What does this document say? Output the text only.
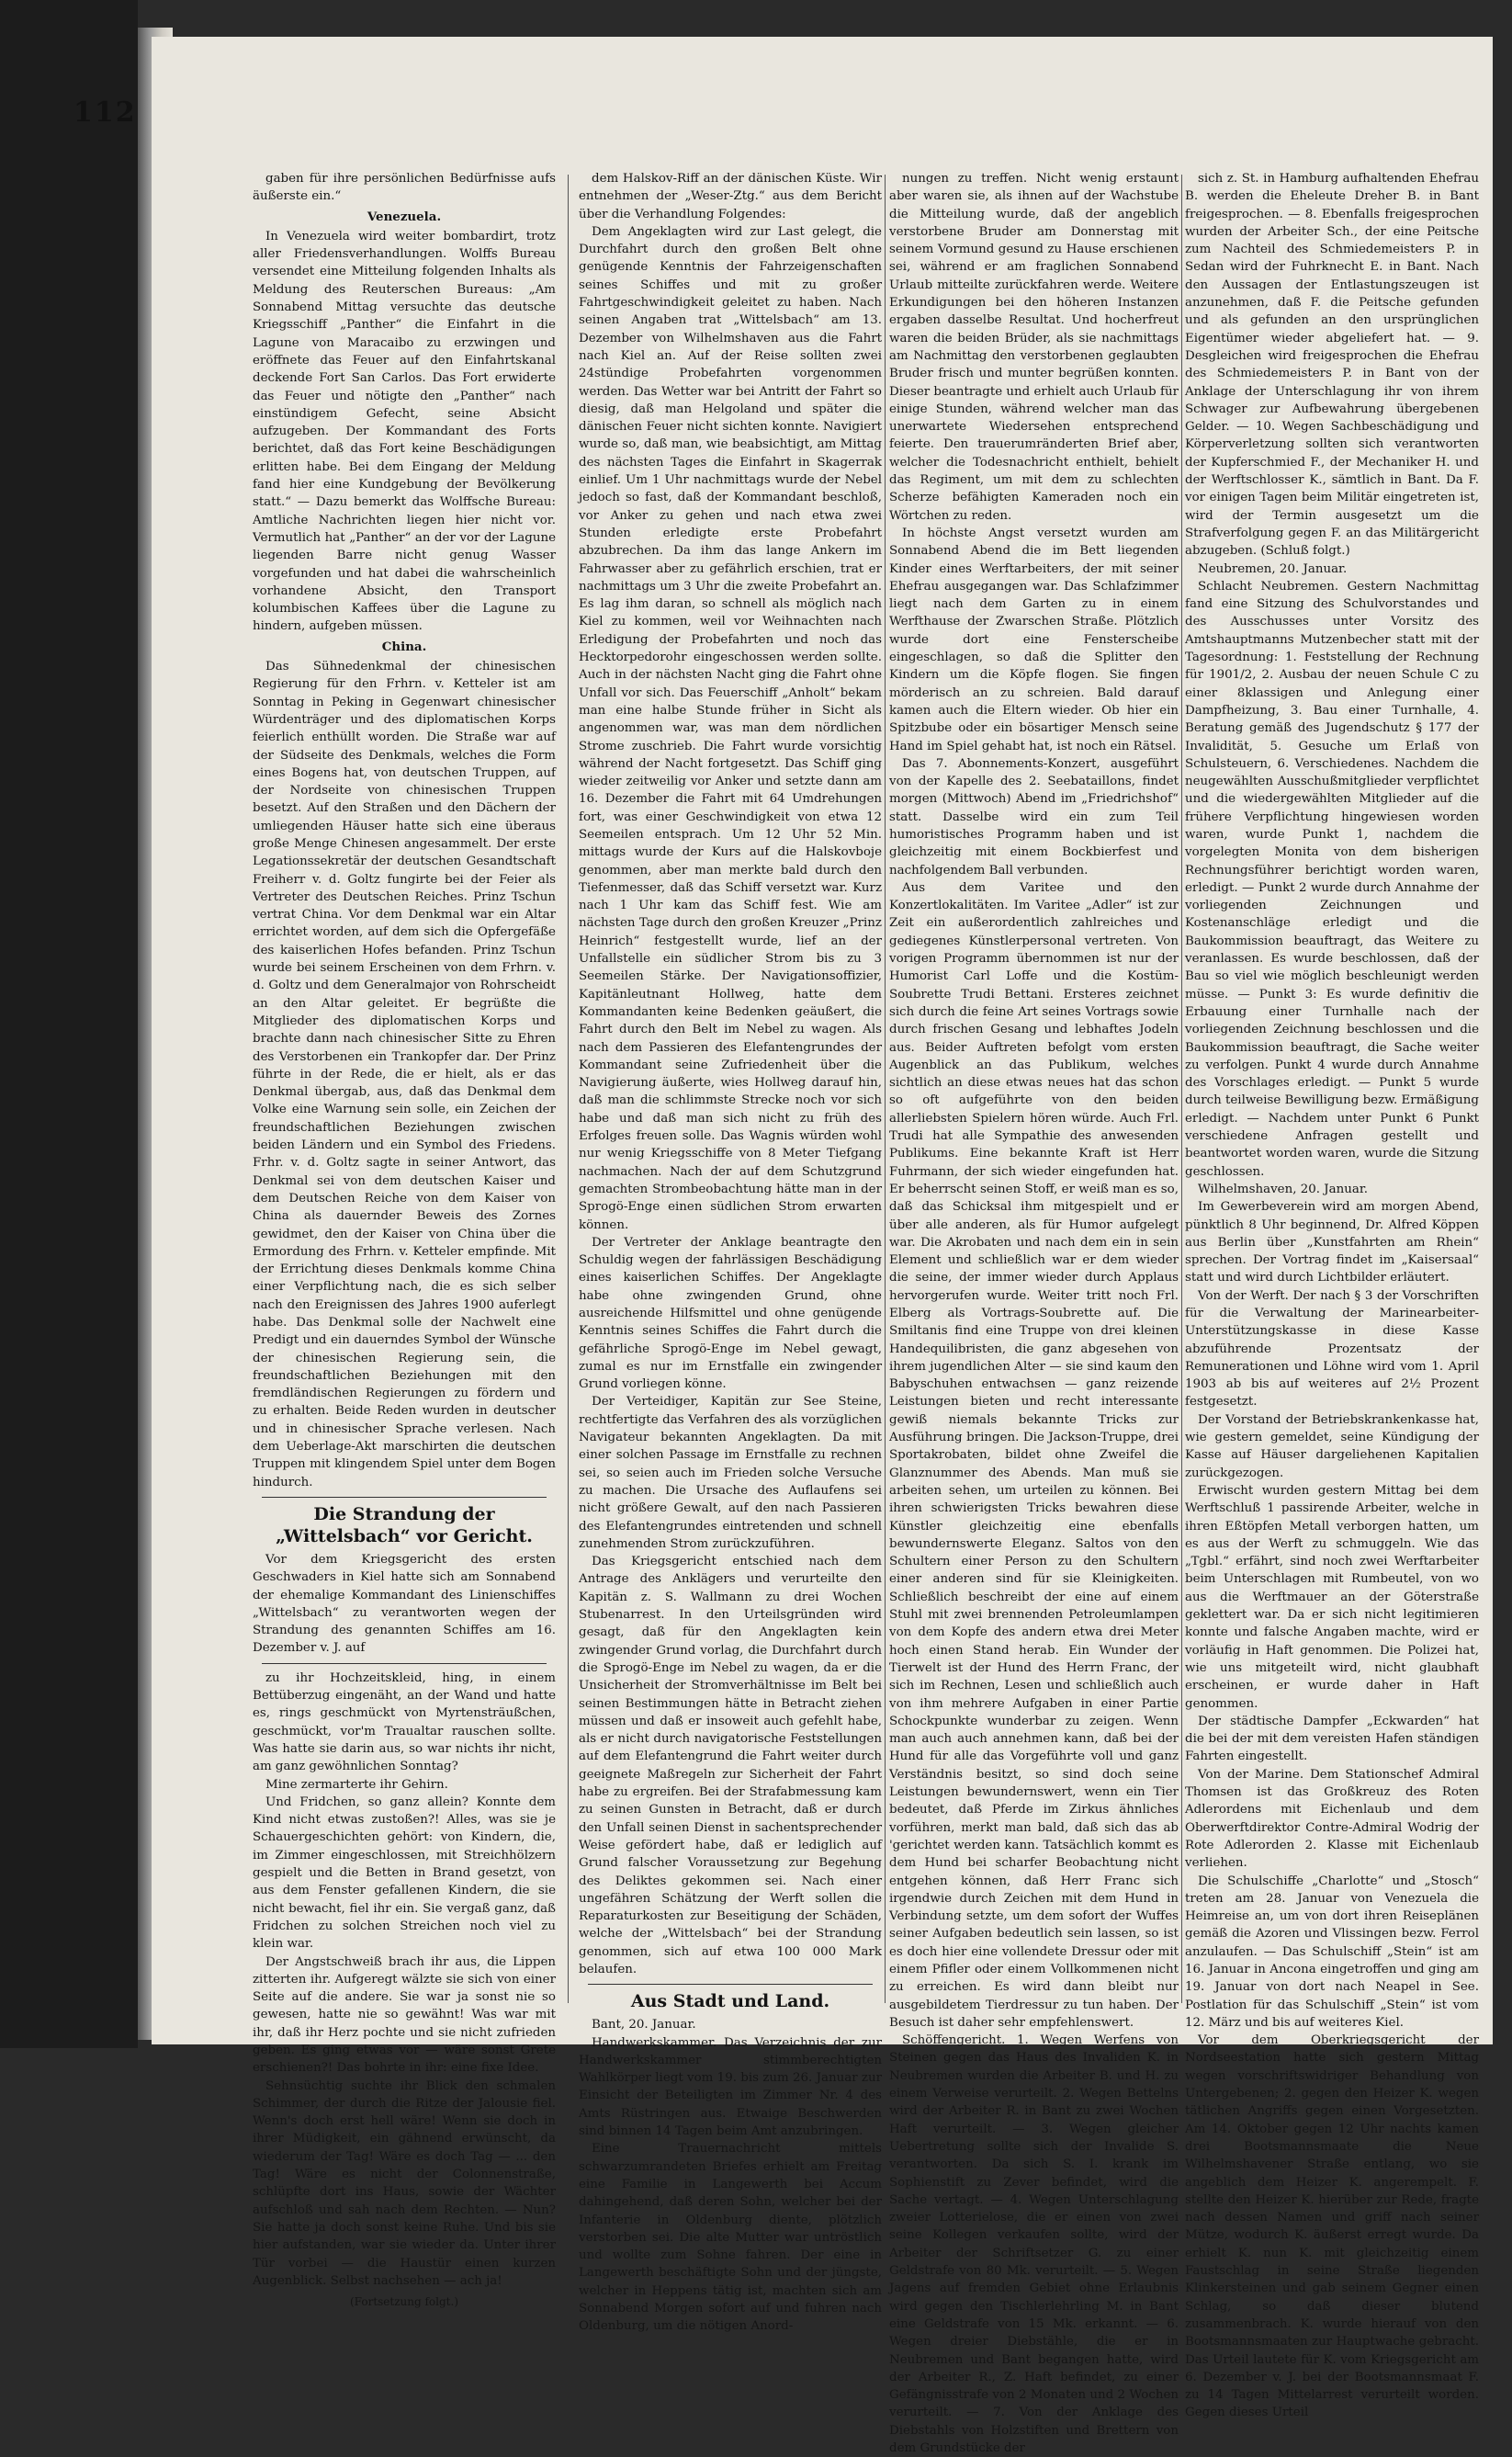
112

gaben für ihre persönlichen Bedürfnisse aufs äußerste ein.“

Venezuela.

In Venezuela wird weiter bombardirt, trotz aller Friedensverhandlungen. Wolffs Bureau versendet eine Mitteilung folgenden Inhalts als Meldung des Reuterschen Bureaus: „Am Sonnabend Mittag versuchte das deutsche Kriegsschiff „Panther“ die Einfahrt in die Lagune von Maracaibo zu erzwingen und eröffnete das Feuer auf den Einfahrtskanal deckende Fort San Carlos. Das Fort erwiderte das Feuer und nötigte den „Panther“ nach einstündigem Gefecht, seine Absicht aufzugeben. Der Kommandant des Forts berichtet, daß das Fort keine Beschädigungen erlitten habe. Bei dem Eingang der Meldung fand hier eine Kundgebung der Bevölkerung statt.“ — Dazu bemerkt das Wolffsche Bureau: Amtliche Nachrichten liegen hier nicht vor. Vermutlich hat „Panther“ an der vor der Lagune liegenden Barre nicht genug Wasser vorgefunden und hat dabei die wahrscheinlich vorhandene Absicht, den Transport kolumbischen Kaffees über die Lagune zu hindern, aufgeben müssen.

China.

Das Sühnedenkmal der chinesischen Regierung für den Frhrn. v. Ketteler ist am Sonntag in Peking in Gegenwart chinesischer Würdenträger und des diplomatischen Korps feierlich enthüllt worden. Die Straße war auf der Südseite des Denkmals, welches die Form eines Bogens hat, von deutschen Truppen, auf der Nordseite von chinesischen Truppen besetzt. Auf den Straßen und den Dächern der umliegenden Häuser hatte sich eine überaus große Menge Chinesen angesammelt. Der erste Legationssekretär der deutschen Gesandtschaft Freiherr v. d. Goltz fungirte bei der Feier als Vertreter des Deutschen Reiches. Prinz Tschun vertrat China. Vor dem Denkmal war ein Altar errichtet worden, auf dem sich die Opfergefäße des kaiserlichen Hofes befanden. Prinz Tschun wurde bei seinem Erscheinen von dem Frhrn. v. d. Goltz und dem Generalmajor von Rohrscheidt an den Altar geleitet. Er begrüßte die Mitglieder des diplomatischen Korps und brachte dann nach chinesischer Sitte zu Ehren des Verstorbenen ein Trankopfer dar. Der Prinz führte in der Rede, die er hielt, als er das Denkmal übergab, aus, daß das Denkmal dem Volke eine Warnung sein solle, ein Zeichen der freundschaftlichen Beziehungen zwischen beiden Ländern und ein Symbol des Friedens. Frhr. v. d. Goltz sagte in seiner Antwort, das Denkmal sei von dem deutschen Kaiser und dem Deutschen Reiche von dem Kaiser von China als dauernder Beweis des Zornes gewidmet, den der Kaiser von China über die Ermordung des Frhrn. v. Ketteler empfinde. Mit der Errichtung dieses Denkmals komme China einer Verpflichtung nach, die es sich selber nach den Ereignissen des Jahres 1900 auferlegt habe. Das Denkmal solle der Nachwelt eine Predigt und ein dauerndes Symbol der Wünsche der chinesischen Regierung sein, die freundschaftlichen Beziehungen mit den fremdländischen Regierungen zu fördern und zu erhalten. Beide Reden wurden in deutscher und in chinesischer Sprache verlesen. Nach dem Ueberlage-Akt marschirten die deutschen Truppen mit klingendem Spiel unter dem Bogen hindurch.

Die Strandung der „Wittelsbach“ vor Gericht.

Vor dem Kriegsgericht des ersten Geschwaders in Kiel hatte sich am Sonnabend der ehemalige Kommandant des Linienschiffes „Wittelsbach“ zu verantworten wegen der Strandung des genannten Schiffes am 16. Dezember v. J. auf

zu ihr Hochzeitskleid, hing, in einem Bettüberzug eingenäht, an der Wand und hatte es, rings geschmückt von Myrtensträußchen, geschmückt, vor'm Traualtar rauschen sollte. Was hatte sie darin aus, so war nichts ihr nicht, am ganz gewöhnlichen Sonntag?

Mine zermarterte ihr Gehirn.

Und Fridchen, so ganz allein? Konnte dem Kind nicht etwas zustoßen?! Alles, was sie je Schauergeschichten gehört: von Kindern, die, im Zimmer eingeschlossen, mit Streichhölzern gespielt und die Betten in Brand gesetzt, von aus dem Fenster gefallenen Kindern, die sie nicht bewacht, fiel ihr ein. Sie vergaß ganz, daß Fridchen zu solchen Streichen noch viel zu klein war.

Der Angstschweiß brach ihr aus, die Lippen zitterten ihr. Aufgeregt wälzte sie sich von einer Seite auf die andere. Sie war ja sonst nie so gewesen, hatte nie so gewähnt! Was war mit ihr, daß ihr Herz pochte und sie nicht zufrieden geben. Es ging etwas vor — wäre sonst Grete erschienen?! Das bohrte in ihr: eine fixe Idee.

Sehnsüchtig suchte ihr Blick den schmalen Schimmer, der durch die Ritze der Jalousie fiel. Wenn's doch erst hell wäre! Wenn sie doch in ihrer Müdigkeit, ein gähnend erwünscht, da wiederum der Tag! Wäre es doch Tag — ... den Tag! Wäre es nicht der Colonnenstraße, schlüpfte dort ins Haus, sowie der Wächter aufschloß und sah nach dem Rechten. — Nun? Sie hatte ja doch sonst keine Ruhe. Und bis sie hier aufstanden, war sie wieder da. Unter ihrer Tür vorbei — die Haustür einen kurzen Augenblick. Selbst nachsehen — ach ja!

(Fortsetzung folgt.)

dem Halskov-Riff an der dänischen Küste. Wir entnehmen der „Weser-Ztg.“ aus dem Bericht über die Verhandlung Folgendes:

Dem Angeklagten wird zur Last gelegt, die Durchfahrt durch den großen Belt ohne genügende Kenntnis der Fahrzeigenschaften seines Schiffes und mit zu großer Fahrtgeschwindigkeit geleitet zu haben. Nach seinen Angaben trat „Wittelsbach“ am 13. Dezember von Wilhelmshaven aus die Fahrt nach Kiel an. Auf der Reise sollten zwei 24stündige Probefahrten vorgenommen werden. Das Wetter war bei Antritt der Fahrt so diesig, daß man Helgoland und später die dänischen Feuer nicht sichten konnte. Navigiert wurde so, daß man, wie beabsichtigt, am Mittag des nächsten Tages die Einfahrt in Skagerrak einlief. Um 1 Uhr nachmittags wurde der Nebel jedoch so fast, daß der Kommandant beschloß, vor Anker zu gehen und nach etwa zwei Stunden erledigte erste Probefahrt abzubrechen. Da ihm das lange Ankern im Fahrwasser aber zu gefährlich erschien, trat er nachmittags um 3 Uhr die zweite Probefahrt an. Es lag ihm daran, so schnell als möglich nach Kiel zu kommen, weil vor Weihnachten nach Erledigung der Probefahrten und noch das Hecktorpedorohr eingeschossen werden sollte. Auch in der nächsten Nacht ging die Fahrt ohne Unfall vor sich. Das Feuerschiff „Anholt“ bekam man eine halbe Stunde früher in Sicht als angenommen war, was man dem nördlichen Strome zuschrieb. Die Fahrt wurde vorsichtig während der Nacht fortgesetzt. Das Schiff ging wieder zeitweilig vor Anker und setzte dann am 16. Dezember die Fahrt mit 64 Umdrehungen fort, was einer Geschwindigkeit von etwa 12 Seemeilen entsprach. Um 12 Uhr 52 Min. mittags wurde der Kurs auf die Halskovboje genommen, aber man merkte bald durch den Tiefenmesser, daß das Schiff versetzt war. Kurz nach 1 Uhr kam das Schiff fest. Wie am nächsten Tage durch den großen Kreuzer „Prinz Heinrich“ festgestellt wurde, lief an der Unfallstelle ein südlicher Strom bis zu 3 Seemeilen Stärke. Der Navigationsoffizier, Kapitänleutnant Hollweg, hatte dem Kommandanten keine Bedenken geäußert, die Fahrt durch den Belt im Nebel zu wagen. Als nach dem Passieren des Elefantengrundes der Kommandant seine Zufriedenheit über die Navigierung äußerte, wies Hollweg darauf hin, daß man die schlimmste Strecke noch vor sich habe und daß man sich nicht zu früh des Erfolges freuen solle. Das Wagnis würden wohl nur wenig Kriegsschiffe von 8 Meter Tiefgang nachmachen. Nach der auf dem Schutzgrund gemachten Strombeobachtung hätte man in der Sprogö-Enge einen südlichen Strom erwarten können.

Der Vertreter der Anklage beantragte den Schuldig wegen der fahrlässigen Beschädigung eines kaiserlichen Schiffes. Der Angeklagte habe ohne zwingenden Grund, ohne ausreichende Hilfsmittel und ohne genügende Kenntnis seines Schiffes die Fahrt durch die gefährliche Sprogö-Enge im Nebel gewagt, zumal es nur im Ernstfalle ein zwingender Grund vorliegen könne.

Der Verteidiger, Kapitän zur See Steine, rechtfertigte das Verfahren des als vorzüglichen Navigateur bekannten Angeklagten. Da mit einer solchen Passage im Ernstfalle zu rechnen sei, so seien auch im Frieden solche Versuche zu machen. Die Ursache des Auflaufens sei nicht größere Gewalt, auf den nach Passieren des Elefantengrundes eintretenden und schnell zunehmenden Strom zurückzuführen.

Das Kriegsgericht entschied nach dem Antrage des Anklägers und verurteilte den Kapitän z. S. Wallmann zu drei Wochen Stubenarrest. In den Urteilsgründen wird gesagt, daß für den Angeklagten kein zwingender Grund vorlag, die Durchfahrt durch die Sprogö-Enge im Nebel zu wagen, da er die Unsicherheit der Stromverhältnisse im Belt bei seinen Bestimmungen hätte in Betracht ziehen müssen und daß er insoweit auch gefehlt habe, als er nicht durch navigatorische Feststellungen auf dem Elefantengrund die Fahrt weiter durch geeignete Maßregeln zur Sicherheit der Fahrt habe zu ergreifen. Bei der Strafabmessung kam zu seinen Gunsten in Betracht, daß er durch den Unfall seinen Dienst in sachentsprechender Weise gefördert habe, daß er lediglich auf Grund falscher Voraussetzung zur Begehung des Deliktes gekommen sei. Nach einer ungefähren Schätzung der Werft sollen die Reparaturkosten zur Beseitigung der Schäden, welche der „Wittelsbach“ bei der Strandung genommen, sich auf etwa 100 000 Mark belaufen.

Aus Stadt und Land.

Bant, 20. Januar.

Handwerkskammer. Das Verzeichnis der zur Handwerkskammer stimmberechtigten Wahlkörper liegt vom 19. bis zum 26. Januar zur Einsicht der Beteiligten im Zimmer Nr. 4 des Amts Rüstringen aus. Etwaige Beschwerden sind binnen 14 Tagen beim Amt anzubringen.

Eine Trauernachricht mittels schwarzumrandeten Briefes erhielt am Freitag eine Familie in Langewerth bei Accum dahingehend, daß deren Sohn, welcher bei der Infanterie in Oldenburg diente, plötzlich verstorben sei. Die alte Mutter war untröstlich und wollte zum Sohne fahren. Der eine in Langewerth beschäftigte Sohn und der jüngste, welcher in Heppens tätig ist, machten sich am Sonnabend Morgen sofort auf und fuhren nach Oldenburg, um die nötigen Anord-

nungen zu treffen. Nicht wenig erstaunt aber waren sie, als ihnen auf der Wachstube die Mitteilung wurde, daß der angeblich verstorbene Bruder am Donnerstag mit seinem Vormund gesund zu Hause erschienen sei, während er am fraglichen Sonnabend Urlaub mitteilte zurückfahren werde. Weitere Erkundigungen bei den höheren Instanzen ergaben dasselbe Resultat. Und hocherfreut waren die beiden Brüder, als sie nachmittags am Nachmittag den verstorbenen geglaubten Bruder frisch und munter begrüßen konnten. Dieser beantragte und erhielt auch Urlaub für einige Stunden, während welcher man das unerwartete Wiedersehen entsprechend feierte. Den trauerumränderten Brief aber, welcher die Todesnachricht enthielt, behielt das Regiment, um mit dem zu schlechten Scherze befähigten Kameraden noch ein Wörtchen zu reden.

In höchste Angst versetzt wurden am Sonnabend Abend die im Bett liegenden Kinder eines Werftarbeiters, der mit seiner Ehefrau ausgegangen war. Das Schlafzimmer liegt nach dem Garten zu in einem Werfthause der Zwarschen Straße. Plötzlich wurde dort eine Fensterscheibe eingeschlagen, so daß die Splitter den Kindern um die Köpfe flogen. Sie fingen mörderisch an zu schreien. Bald darauf kamen auch die Eltern wieder. Ob hier ein Spitzbube oder ein bösartiger Mensch seine Hand im Spiel gehabt hat, ist noch ein Rätsel.

Das 7. Abonnements-Konzert, ausgeführt von der Kapelle des 2. Seebataillons, findet morgen (Mittwoch) Abend im „Friedrichshof“ statt. Dasselbe wird ein zum Teil humoristisches Programm haben und ist gleichzeitig mit einem Bockbierfest und nachfolgendem Ball verbunden.

Aus dem Varitee und den Konzertlokalitäten. Im Varitee „Adler“ ist zur Zeit ein außerordentlich zahlreiches und gediegenes Künstlerpersonal vertreten. Von vorigen Programm übernommen ist nur der Humorist Carl Loffe und die Kostüm-Soubrette Trudi Bettani. Ersteres zeichnet sich durch die feine Art seines Vortrags sowie durch frischen Gesang und lebhaftes Jodeln aus. Beider Auftreten befolgt vom ersten Augenblick an das Publikum, welches sichtlich an diese etwas neues hat das schon so oft aufgeführte von den beiden allerliebsten Spielern hören würde. Auch Frl. Trudi hat alle Sympathie des anwesenden Publikums. Eine bekannte Kraft ist Herr Fuhrmann, der sich wieder eingefunden hat. Er beherrscht seinen Stoff, er weiß man es so, daß das Schicksal ihm mitgespielt und er über alle anderen, als für Humor aufgelegt war. Die Akrobaten und nach dem ein in sein Element und schließlich war er dem wieder die seine, der immer wieder durch Applaus hervorgerufen wurde. Weiter tritt noch Frl. Elberg als Vortrags-Soubrette auf. Die Smiltanis find eine Truppe von drei kleinen Handequilibristen, die ganz abgesehen von ihrem jugendlichen Alter — sie sind kaum den Babyschuhen entwachsen — ganz reizende Leistungen bieten und recht interessante gewiß niemals bekannte Tricks zur Ausführung bringen. Die Jackson-Truppe, drei Sportakrobaten, bildet ohne Zweifel die Glanznummer des Abends. Man muß sie arbeiten sehen, um urteilen zu können. Bei ihren schwierigsten Tricks bewahren diese Künstler gleichzeitig eine ebenfalls bewundernswerte Eleganz. Saltos von den Schultern einer Person zu den Schultern einer anderen sind für sie Kleinigkeiten. Schließlich beschreibt der eine auf einem Stuhl mit zwei brennenden Petroleumlampen von dem Kopfe des andern etwa drei Meter hoch einen Stand herab. Ein Wunder der Tierwelt ist der Hund des Herrn Franc, der sich im Rechnen, Lesen und schließlich auch von ihm mehrere Aufgaben in einer Partie Schockpunkte wunderbar zu zeigen. Wenn man auch auch annehmen kann, daß bei der Hund für alle das Vorgeführte voll und ganz Verständnis besitzt, so sind doch seine Leistungen bewundernswert, wenn ein Tier bedeutet, daß Pferde im Zirkus ähnliches vorführen, merkt man bald, daß sich das ab 'gerichtet werden kann. Tatsächlich kommt es dem Hund bei scharfer Beobachtung nicht entgehen können, daß Herr Franc sich irgendwie durch Zeichen mit dem Hund in Verbindung setzte, um dem sofort der Wuffes seiner Aufgaben bedeutlich sein lassen, so ist es doch hier eine vollendete Dressur oder mit einem Pfifler oder einem Vollkommenen nicht zu erreichen. Es wird dann bleibt nur ausgebildetem Tierdressur zu tun haben. Der Besuch ist daher sehr empfehlenswert.

Schöffengericht. 1. Wegen Werfens von Steinen gegen das Haus des Invaliden K. in Neubremen wurden die Arbeiter B. und H. zu einem Verweise verurteilt. 2. Wegen Bettelns wird der Arbeiter R. in Bant zu zwei Wochen Haft verurteilt. — 3. Wegen gleicher Uebertretung sollte sich der Invalide S. verantworten. Da sich S. I. krank im Sophienstift zu Zever befindet, wird die Sache vertagt. — 4. Wegen Unterschlagung zweier Lotterielose, die er einen von zwei seine Kollegen verkaufen sollte, wird der Arbeiter der Schriftsetzer G. zu einer Geldstrafe von 80 Mk. verurteilt. — 5. Wegen Jagens auf fremden Gebiet ohne Erlaubnis wird gegen den Tischlerlehrling M. in Bant eine Geldstrafe von 15 Mk. erkannt. — 6. Wegen dreier Diebstähle, die er in Neubremen und Bant begangen hatte, wird der Arbeiter R., Z. Haft befindet, zu einer Gefängnisstrafe von 2 Monaten und 2 Wochen verurteilt. — 7. Von der Anklage des Diebstahls von Holzstiften und Brettern von dem Grundstücke der

sich z. St. in Hamburg aufhaltenden Ehefrau B. werden die Eheleute Dreher B. in Bant freigesprochen. — 8. Ebenfalls freigesprochen wurden der Arbeiter Sch., der eine Peitsche zum Nachteil des Schmiedemeisters P. in Sedan wird der Fuhrknecht E. in Bant. Nach den Aussagen der Entlastungszeugen ist anzunehmen, daß F. die Peitsche gefunden und als gefunden an den ursprünglichen Eigentümer wieder abgeliefert hat. — 9. Desgleichen wird freigesprochen die Ehefrau des Schmiedemeisters P. in Bant von der Anklage der Unterschlagung ihr von ihrem Schwager zur Aufbewahrung übergebenen Gelder. — 10. Wegen Sachbeschädigung und Körperverletzung sollten sich verantworten der Kupferschmied F., der Mechaniker H. und der Werftschlosser K., sämtlich in Bant. Da F. vor einigen Tagen beim Militär eingetreten ist, wird der Termin ausgesetzt um die Strafverfolgung gegen F. an das Militärgericht abzugeben. (Schluß folgt.)

Neubremen, 20. Januar.

Schlacht Neubremen. Gestern Nachmittag fand eine Sitzung des Schulvorstandes und des Ausschusses unter Vorsitz des Amtshauptmanns Mutzenbecher statt mit der Tagesordnung: 1. Feststellung der Rechnung für 1901/2, 2. Ausbau der neuen Schule C zu einer 8klassigen und Anlegung einer Dampfheizung, 3. Bau einer Turnhalle, 4. Beratung gemäß des Jugendschutz § 177 der Invalidität, 5. Gesuche um Erlaß von Schulsteuern, 6. Verschiedenes. Nachdem die neugewählten Ausschußmitglieder verpflichtet und die wiedergewählten Mitglieder auf die frühere Verpflichtung hingewiesen worden waren, wurde Punkt 1, nachdem die vorgelegten Monita von dem bisherigen Rechnungsführer berichtigt worden waren, erledigt. — Punkt 2 wurde durch Annahme der vorliegenden Zeichnungen und Kostenanschläge erledigt und die Baukommission beauftragt, das Weitere zu veranlassen. Es wurde beschlossen, daß der Bau so viel wie möglich beschleunigt werden müsse. — Punkt 3: Es wurde definitiv die Erbauung einer Turnhalle nach der vorliegenden Zeichnung beschlossen und die Baukommission beauftragt, die Sache weiter zu verfolgen. Punkt 4 wurde durch Annahme des Vorschlages erledigt. — Punkt 5 wurde durch teilweise Bewilligung bezw. Ermäßigung erledigt. — Nachdem unter Punkt 6 Punkt verschiedene Anfragen gestellt und beantwortet worden waren, wurde die Sitzung geschlossen.

Wilhelmshaven, 20. Januar.

Im Gewerbeverein wird am morgen Abend, pünktlich 8 Uhr beginnend, Dr. Alfred Köppen aus Berlin über „Kunstfahrten am Rhein“ sprechen. Der Vortrag findet im „Kaisersaal“ statt und wird durch Lichtbilder erläutert.

Von der Werft. Der nach § 3 der Vorschriften für die Verwaltung der Marinearbeiter-Unterstützungskasse in diese Kasse abzuführende Prozentsatz der Remunerationen und Löhne wird vom 1. April 1903 ab bis auf weiteres auf 2½ Prozent festgesetzt.

Der Vorstand der Betriebskrankenkasse hat, wie gestern gemeldet, seine Kündigung der Kasse auf Häuser dargeliehenen Kapitalien zurückgezogen.

Erwischt wurden gestern Mittag bei dem Werftschluß 1 passirende Arbeiter, welche in ihren Eßtöpfen Metall verborgen hatten, um es aus der Werft zu schmuggeln. Wie das „Tgbl.“ erfährt, sind noch zwei Werftarbeiter beim Unterschlagen mit Rumbeutel, von wo aus die Werftmauer an der Göterstraße geklettert war. Da er sich nicht legitimieren konnte und falsche Angaben machte, wird er vorläufig in Haft genommen. Die Polizei hat, wie uns mitgeteilt wird, nicht glaubhaft erscheinen, er wurde daher in Haft genommen.

Der städtische Dampfer „Eckwarden“ hat die bei der mit dem vereisten Hafen ständigen Fahrten eingestellt.

Von der Marine. Dem Stationschef Admiral Thomsen ist das Großkreuz des Roten Adlerordens mit Eichenlaub und dem Oberwerftdirektor Contre-Admiral Wodrig der Rote Adlerorden 2. Klasse mit Eichenlaub verliehen.

Die Schulschiffe „Charlotte“ und „Stosch“ treten am 28. Januar von Venezuela die Heimreise an, um von dort ihren Reiseplänen gemäß die Azoren und Vlissingen bezw. Ferrol anzulaufen. — Das Schulschiff „Stein“ ist am 16. Januar in Ancona eingetroffen und ging am 19. Januar von dort nach Neapel in See. Postlation für das Schulschiff „Stein“ ist vom 12. März und bis auf weiteres Kiel.

Vor dem Oberkriegsgericht der Nordseestation hatte sich gestern Mittag wegen vorschriftswidriger Behandlung von Untergebenen; 2. gegen den Heizer K. wegen tätlichen Angriffs gegen einen Vorgesetzten. Am 14. Oktober gegen 12 Uhr nachts kamen drei Bootsmannsmaate die Neue Wilhelmshavener Straße entlang, wo sie angeblich dem Heizer K. angerempelt. F. stellte den Heizer K. hierüber zur Rede, fragte nach dessen Namen und griff nach seiner Mütze, wodurch K. äußerst erregt wurde. Da erhielt K. nun K. mit gleichzeitig einem Faustschlag in seine Straße liegenden Klinkersteinen und gab seinem Gegner einen Schlag, so daß dieser blutend zusammenbrach. K. wurde hierauf von den Bootsmannsmaaten zur Hauptwache gebracht. Das Urteil lautete für K. vom Kriegsgericht am 6. Dezember v. J. bei der Bootsmannsmaat F. zu 14 Tagen Mittelarrest verurteilt worden. Gegen dieses Urteil
